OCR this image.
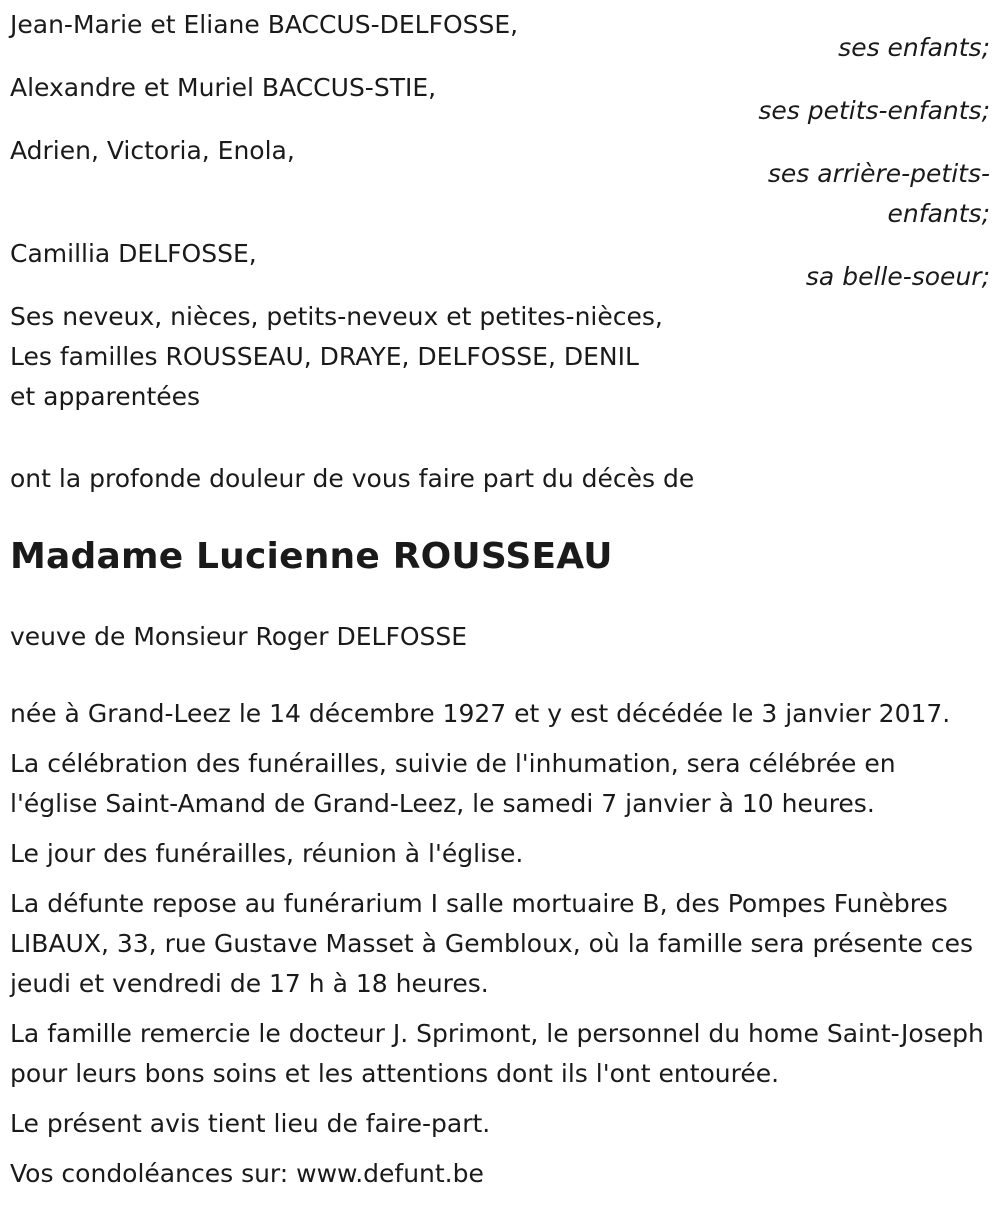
Jean-Marie et Eliane BACCUS-DELFOSSE,
ses enfants;
Alexandre et Muriel BACCUS-STIE,
ses petits-enfants;
Adrien, Victoria, Enola,
ses arrière-petits-enfants;
Camillia DELFOSSE,
sa belle-soeur;
Ses neveux, nièces, petits-neveux et petites-nièces,
Les familles ROUSSEAU, DRAYE, DELFOSSE, DENIL
et apparentées
ont la profonde douleur de vous faire part du décès de
Madame Lucienne ROUSSEAU
veuve de Monsieur Roger DELFOSSE
née à Grand-Leez le 14 décembre 1927 et y est décédée le 3 janvier 2017.
La célébration des funérailles, suivie de l'inhumation, sera célébrée en l'église Saint-Amand de Grand-Leez, le samedi 7 janvier à 10 heures.
Le jour des funérailles, réunion à l'église.
La défunte repose au funérarium I salle mortuaire B, des Pompes Funèbres LIBAUX, 33, rue Gustave Masset à Gembloux, où la famille sera présente ces jeudi et vendredi de 17 h à 18 heures.
La famille remercie le docteur J. Sprimont, le personnel du home Saint-Joseph pour leurs bons soins et les attentions dont ils l'ont entourée.
Le présent avis tient lieu de faire-part.
Vos condoléances sur: www.defunt.be
